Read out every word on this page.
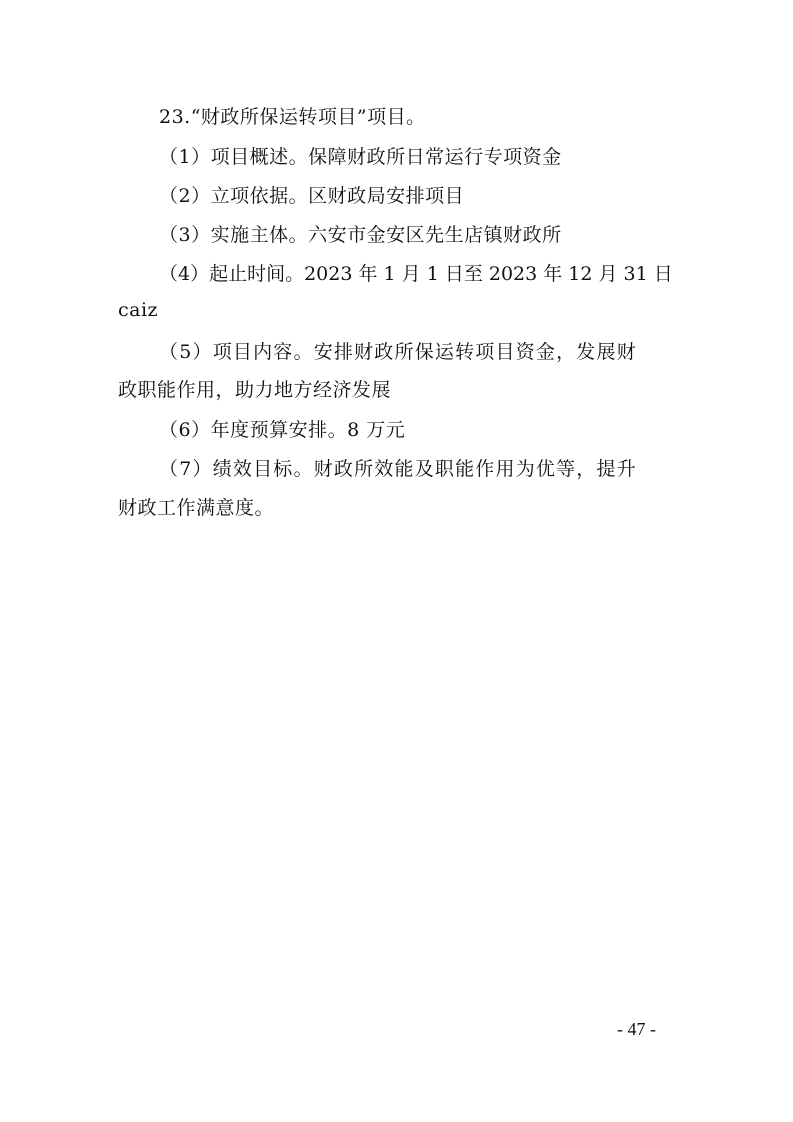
23.“财政所保运转项目”项目。
（1）项目概述。保障财政所日常运行专项资金
（2）立项依据。区财政局安排项目
（3）实施主体。六安市金安区先生店镇财政所
（4）起止时间。2023 年 1 月 1 日至 2023 年 12 月 31 日
caiz
（5）项目内容。安排财政所保运转项目资金，发展财
政职能作用，助力地方经济发展
（6）年度预算安排。8 万元
（7）绩效目标。财政所效能及职能作用为优等，提升
财政工作满意度。
- 47 -
